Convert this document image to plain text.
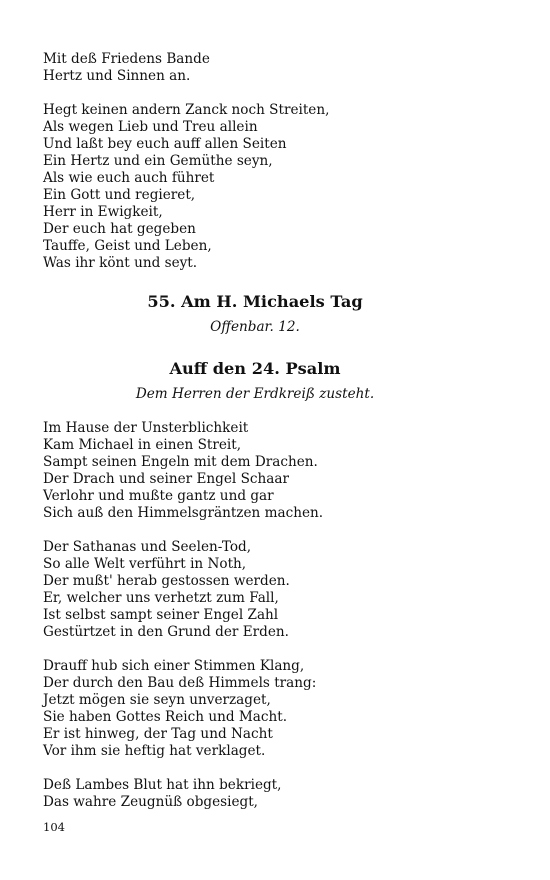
Mit deß Friedens Bande
Hertz und Sinnen an.
Hegt keinen andern Zanck noch Streiten,
Als wegen Lieb und Treu allein
Und laßt bey euch auff allen Seiten
Ein Hertz und ein Gemüthe seyn,
Als wie euch auch führet
Ein Gott und regieret,
Herr in Ewigkeit,
Der euch hat gegeben
Tauffe, Geist und Leben,
Was ihr könt und seyt.
55. Am H. Michaels Tag
Offenbar. 12.
Auff den 24. Psalm
Dem Herren der Erdkreiß zusteht.
Im Hause der Unsterblichkeit
Kam Michael in einen Streit,
Sampt seinen Engeln mit dem Drachen.
Der Drach und seiner Engel Schaar
Verlohr und mußte gantz und gar
Sich auß den Himmelsgräntzen machen.
Der Sathanas und Seelen-Tod,
So alle Welt verführt in Noth,
Der mußt' herab gestossen werden.
Er, welcher uns verhetzt zum Fall,
Ist selbst sampt seiner Engel Zahl
Gestürtzet in den Grund der Erden.
Drauff hub sich einer Stimmen Klang,
Der durch den Bau deß Himmels trang:
Jetzt mögen sie seyn unverzaget,
Sie haben Gottes Reich und Macht.
Er ist hinweg, der Tag und Nacht
Vor ihm sie heftig hat verklaget.
Deß Lambes Blut hat ihn bekriegt,
Das wahre Zeugnüß obgesiegt,
104
